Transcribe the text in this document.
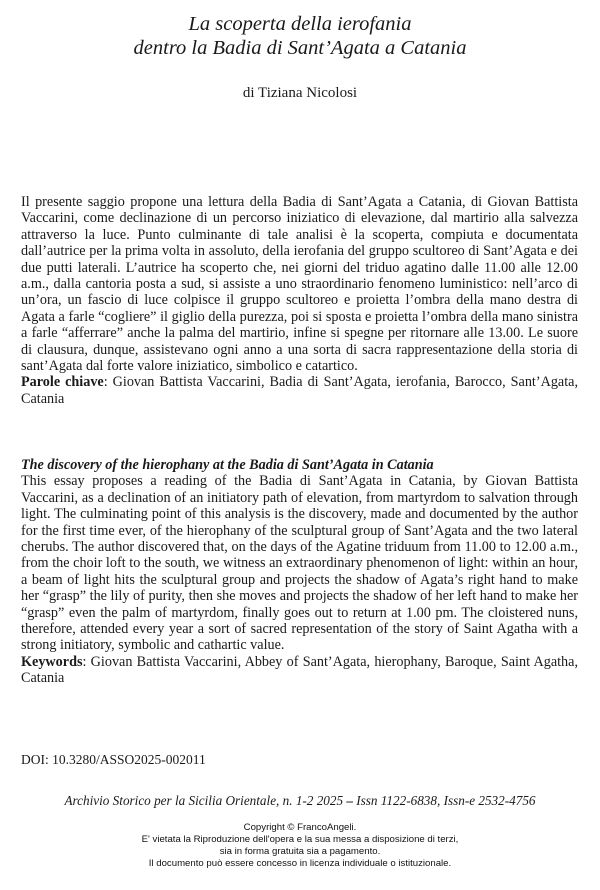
La scoperta della ierofania
dentro la Badia di Sant’Agata a Catania
di Tiziana Nicolosi
Il presente saggio propone una lettura della Badia di Sant’Agata a Catania, di Giovan Battista Vaccarini, come declinazione di un percorso iniziatico di elevazione, dal martirio alla salvezza attraverso la luce. Punto culminante di tale analisi è la scoperta, compiuta e documentata dall’autrice per la prima volta in assoluto, della ierofania del gruppo scultoreo di Sant’Agata e dei due putti laterali. L’autrice ha scoperto che, nei giorni del triduo agatino dalle 11.00 alle 12.00 a.m., dalla cantoria posta a sud, si assiste a uno straordinario fenomeno luministico: nell’arco di un’ora, un fascio di luce colpisce il gruppo scultoreo e proietta l’ombra della mano destra di Agata a farle “cogliere” il giglio della purezza, poi si sposta e proietta l’ombra della mano sinistra a farle “afferrare” anche la palma del martirio, infine si spegne per ritornare alle 13.00. Le suore di clausura, dunque, assistevano ogni anno a una sorta di sacra rappresentazione della storia di sant’Agata dal forte valore iniziatico, simbolico e catartico.
Parole chiave: Giovan Battista Vaccarini, Badia di Sant’Agata, ierofania, Barocco, Sant’Agata, Catania
The discovery of the hierophany at the Badia di Sant’Agata in Catania
This essay proposes a reading of the Badia di Sant’Agata in Catania, by Giovan Battista Vaccarini, as a declination of an initiatory path of elevation, from martyrdom to salvation through light. The culminating point of this analysis is the discovery, made and documented by the author for the first time ever, of the hierophany of the sculptural group of Sant’Agata and the two lateral cherubs. The author discovered that, on the days of the Agatine triduum from 11.00 to 12.00 a.m., from the choir loft to the south, we witness an extraordinary phenomenon of light: within an hour, a beam of light hits the sculptural group and projects the shadow of Agata’s right hand to make her “grasp” the lily of purity, then she moves and projects the shadow of her left hand to make her “grasp” even the palm of martyrdom, finally goes out to return at 1.00 pm. The cloistered nuns, therefore, attended every year a sort of sacred representation of the story of Saint Agatha with a strong initiatory, symbolic and cathartic value.
Keywords: Giovan Battista Vaccarini, Abbey of Sant’Agata, hierophany, Baroque, Saint Agatha, Catania
DOI: 10.3280/ASSO2025-002011
Archivio Storico per la Sicilia Orientale, n. 1-2 2025 – Issn 1122-6838, Issn-e 2532-4756
Copyright © FrancoAngeli.
E' vietata la Riproduzione dell'opera e la sua messa a disposizione di terzi,
sia in forma gratuita sia a pagamento.
Il documento può essere concesso in licenza individuale o istituzionale.
